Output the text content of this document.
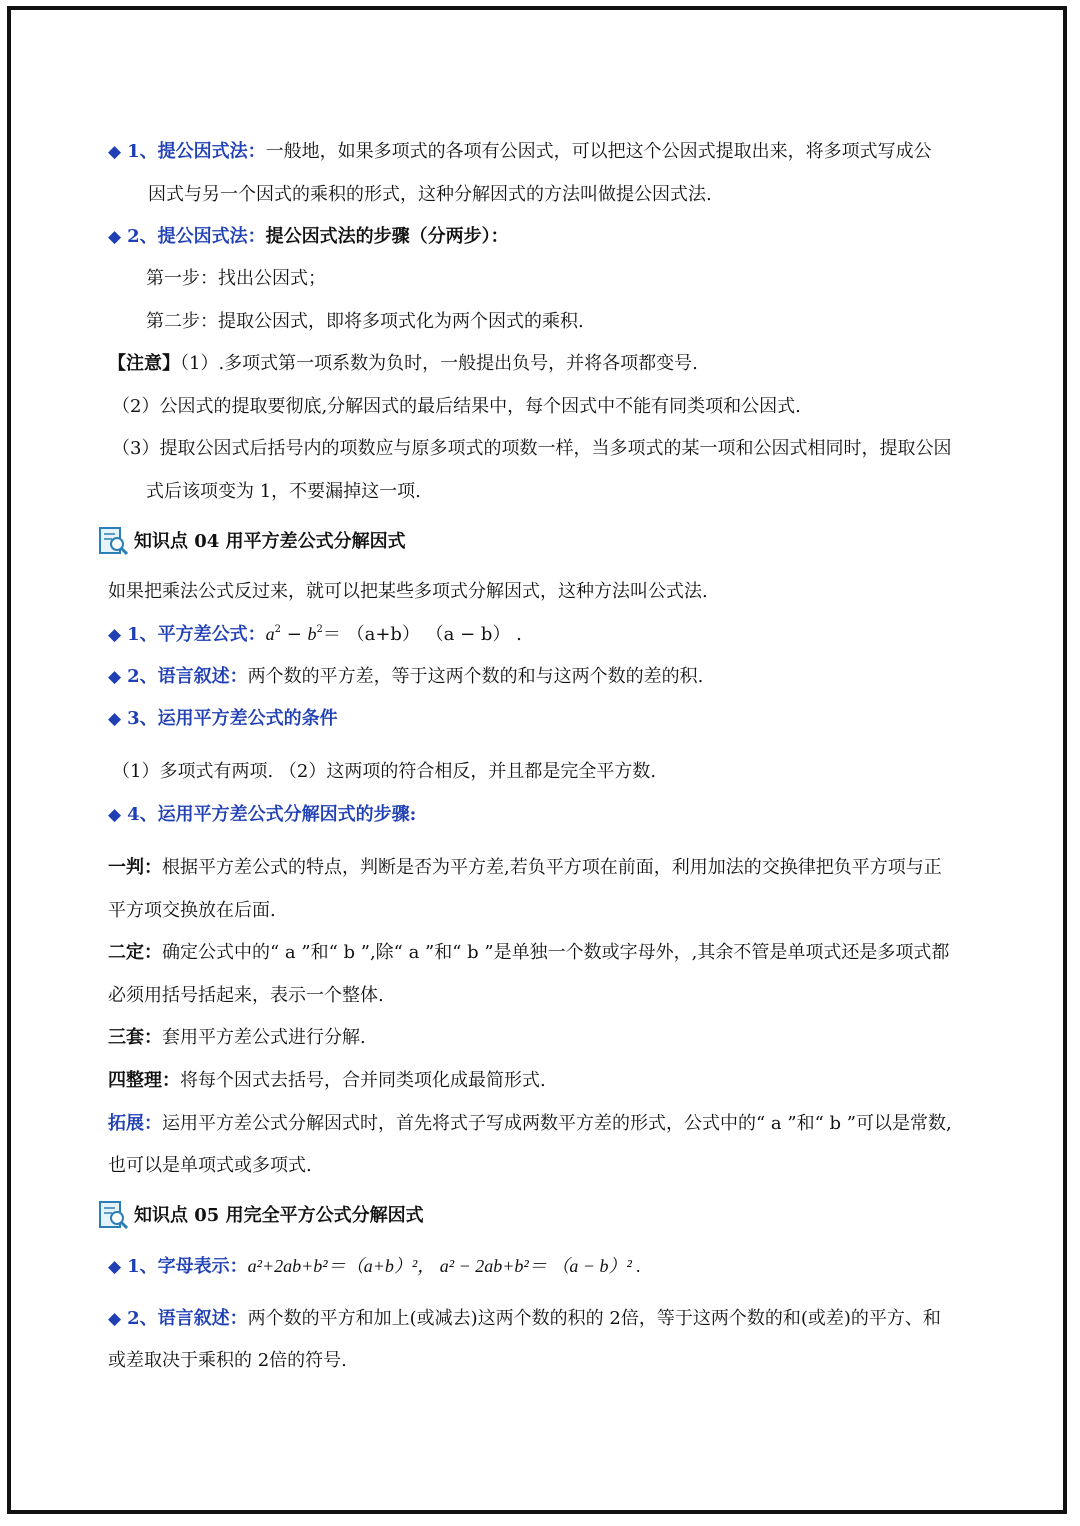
◆ 1、提公因式法：一般地，如果多项式的各项有公因式，可以把这个公因式提取出来，将多项式写成公
因式与另一个因式的乘积的形式，这种分解因式的方法叫做提公因式法.
◆ 2、提公因式法：提公因式法的步骤（分两步）：
第一步：找出公因式；
第二步：提取公因式，即将多项式化为两个因式的乘积.
【注意】（1）.多项式第一项系数为负时，一般提出负号，并将各项都变号.
（2）公因式的提取要彻底,分解因式的最后结果中，每个因式中不能有同类项和公因式.
（3）提取公因式后括号内的项数应与原多项式的项数一样，当多项式的某一项和公因式相同时，提取公因
式后该项变为 1，不要漏掉这一项.
知识点 04 用平方差公式分解因式
如果把乘法公式反过来，就可以把某些多项式分解因式，这种方法叫公式法.
◆ 1、平方差公式：$a^2 - b^2= (a+b) (a - b)$ .
◆ 2、语言叙述：两个数的平方差，等于这两个数的和与这两个数的差的积.
◆ 3、运用平方差公式的条件
（1）多项式有两项. （2）这两项的符合相反，并且都是完全平方数.
◆ 4、运用平方差公式分解因式的步骤:
一判：根据平方差公式的特点，判断是否为平方差,若负平方项在前面，利用加法的交换律把负平方项与正
平方项交换放在后面.
二定：确定公式中的“ a ”和“ b ”,除“ a ”和“ b ”是单独一个数或字母外，,其余不管是单项式还是多项式都
必须用括号括起来，表示一个整体.
三套：套用平方差公式进行分解.
四整理：将每个因式去括号，合并同类项化成最简形式.
拓展：运用平方差公式分解因式时，首先将式子写成两数平方差的形式，公式中的“ a ”和“ b ”可以是常数,
也可以是单项式或多项式.
知识点 05 用完全平方公式分解因式
◆ 1、字母表示：a²+2ab+b²＝（a+b）²， a² − 2ab+b²＝ （a − b）² .
◆ 2、语言叙述：两个数的平方和加上(或减去)这两个数的积的 2倍，等于这两个数的和(或差)的平方、和
或差取决于乘积的 2倍的符号.
